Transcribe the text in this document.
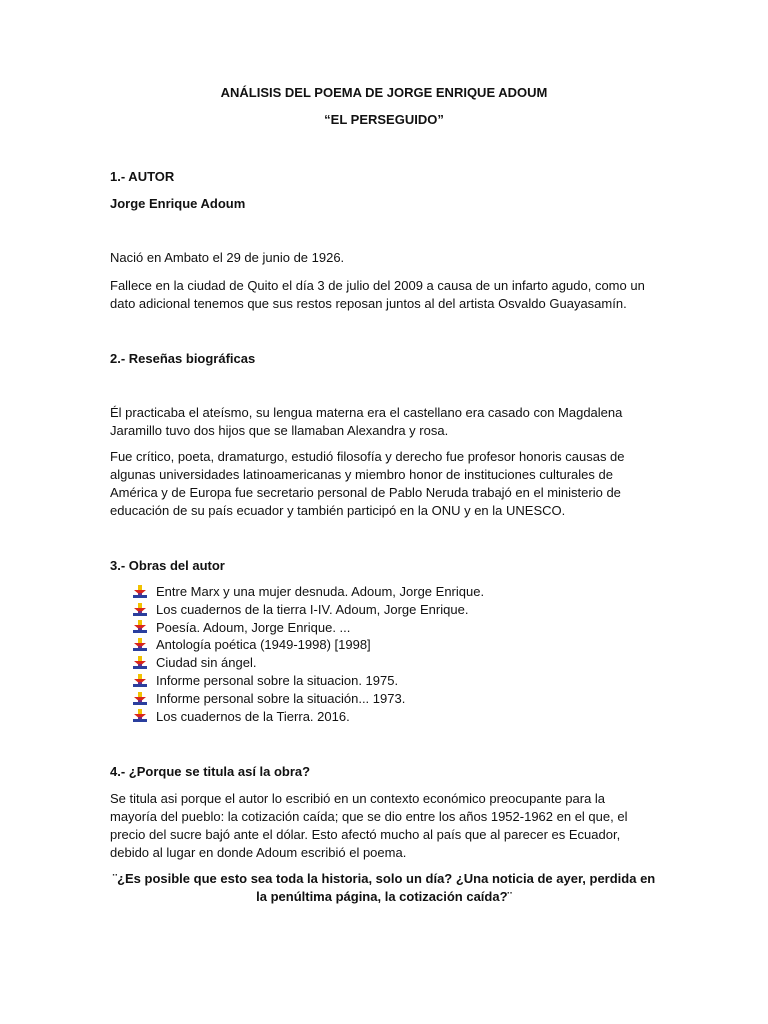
ANÁLISIS DEL POEMA DE JORGE ENRIQUE ADOUM
“EL PERSEGUIDO”
1.- AUTOR
Jorge Enrique Adoum
Nació en Ambato el 29 de junio de 1926.
Fallece en la ciudad de Quito el día 3 de julio del 2009 a causa de un infarto agudo, como un dato adicional tenemos que sus restos reposan juntos al del artista Osvaldo Guayasamín.
2.- Reseñas biográficas
Él practicaba el ateísmo, su lengua materna era el castellano era casado con Magdalena Jaramillo tuvo dos hijos que se llamaban Alexandra y rosa.
Fue crítico, poeta, dramaturgo, estudió filosofía y derecho fue profesor honoris causas de algunas universidades latinoamericanas y miembro honor de instituciones culturales de América y de Europa fue secretario personal de Pablo Neruda trabajó en el ministerio de educación de su país ecuador y también participó en la ONU y en la UNESCO.
3.- Obras del autor
Entre Marx y una mujer desnuda. Adoum, Jorge Enrique.
Los cuadernos de la tierra I-IV. Adoum, Jorge Enrique.
Poesía. Adoum, Jorge Enrique. ...
Antología poética (1949-1998) [1998]
Ciudad sin ángel.
Informe personal sobre la situacion. 1975.
Informe personal sobre la situación... 1973.
Los cuadernos de la Tierra. 2016.
4.- ¿Porque se titula así la obra?
Se titula asi porque el autor lo escribió en un contexto económico preocupante para la mayoría del pueblo: la cotización caída; que se dio entre los años 1952-1962 en el que, el precio del sucre bajó ante el dólar. Esto afectó mucho al país que al parecer es Ecuador, debido al lugar en donde Adoum escribió el poema.
¨¿Es posible que esto sea toda la historia, solo un día? ¿Una noticia de ayer, perdida en la penúltima página, la cotización caída?¨
